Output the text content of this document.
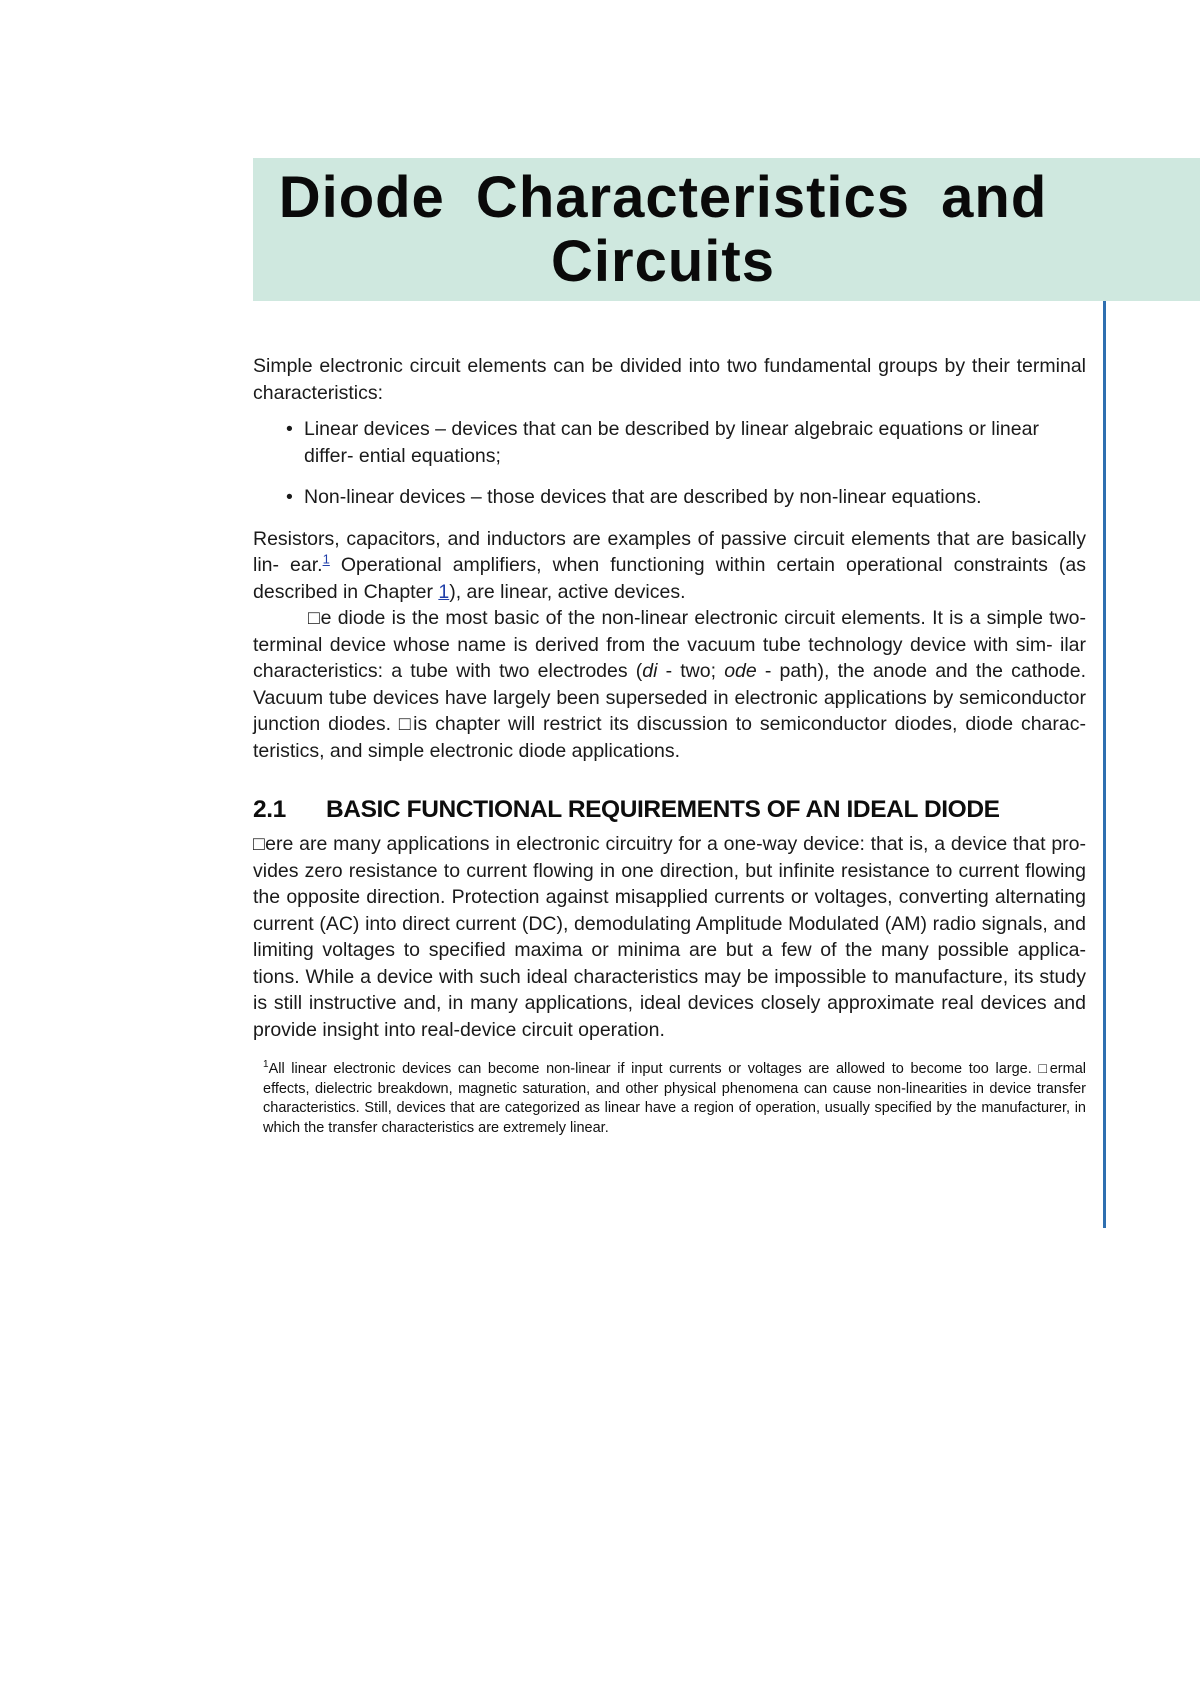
Diode Characteristics and Circuits

Simple electronic circuit elements can be divided into two fundamental groups by their terminal characteristics:

• Linear devices – devices that can be described by linear algebraic equations or linear differ- ential equations;
• Non-linear devices – those devices that are described by non-linear equations.

Resistors, capacitors, and inductors are examples of passive circuit elements that are basically lin- ear.$^1$ Operational amplifiers, when functioning within certain operational constraints (as described in Chapter 1), are linear, active devices.

□e diode is the most basic of the non-linear electronic circuit elements. It is a simple two-terminal device whose name is derived from the vacuum tube technology device with sim- ilar characteristics: a tube with two electrodes (di - two; ode - path), the anode and the cathode. Vacuum tube devices have largely been superseded in electronic applications by semiconductor junction diodes. □is chapter will restrict its discussion to semiconductor diodes, diode charac- teristics, and simple electronic diode applications.

2.1	BASIC FUNCTIONAL REQUIREMENTS OF AN IDEAL DIODE

□ere are many applications in electronic circuitry for a one-way device: that is, a device that pro- vides zero resistance to current flowing in one direction, but infinite resistance to current flowing the opposite direction. Protection against misapplied currents or voltages, converting alternating current (AC) into direct current (DC), demodulating Amplitude Modulated (AM) radio signals, and limiting voltages to specified maxima or minima are but a few of the many possible applica- tions. While a device with such ideal characteristics may be impossible to manufacture, its study is still instructive and, in many applications, ideal devices closely approximate real devices and provide insight into real-device circuit operation.

$^1$All linear electronic devices can become non-linear if input currents or voltages are allowed to become too large. □ermal effects, dielectric breakdown, magnetic saturation, and other physical phenomena can cause non-linearities in device transfer characteristics. Still, devices that are categorized as linear have a region of operation, usually specified by the manufacturer, in which the transfer characteristics are extremely linear.
